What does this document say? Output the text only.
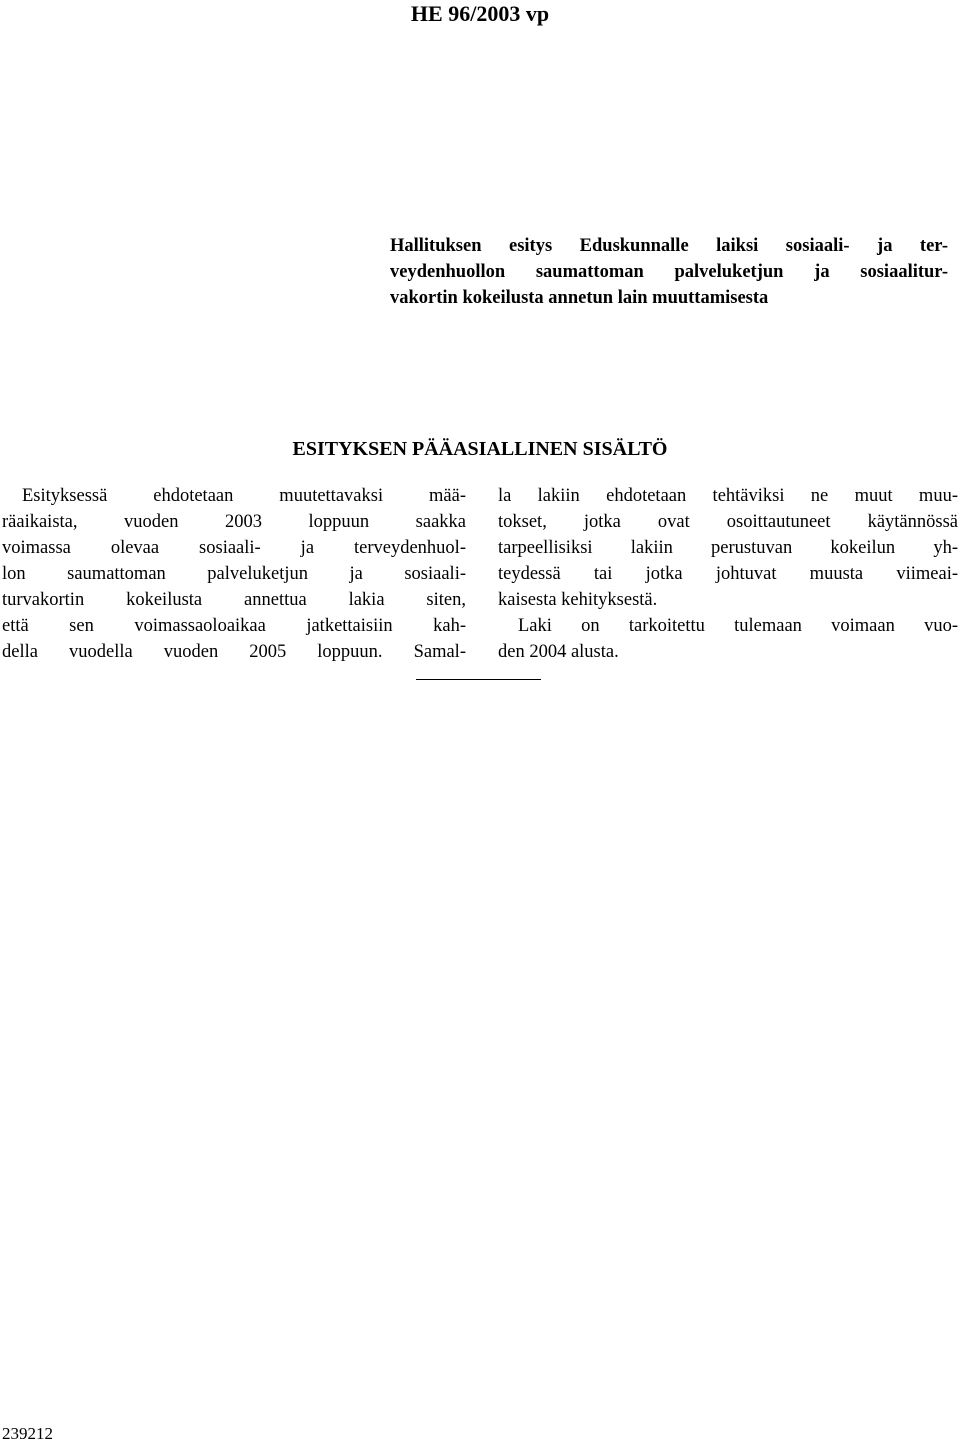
HE 96/2003 vp
Hallituksen esitys Eduskunnalle laiksi sosiaali- ja ter-
veydenhuollon saumattoman palveluketjun ja sosiaalitur-
vakortin kokeilusta annetun lain muuttamisesta
ESITYKSEN PÄÄASIALLINEN SISÄLTÖ
Esityksessä ehdotetaan muutettavaksi mää-
räaikaista, vuoden 2003 loppuun saakka
voimassa olevaa sosiaali- ja terveydenhuol-
lon saumattoman palveluketjun ja sosiaali-
turvakortin kokeilusta annettua lakia siten,
että sen voimassaoloaikaa jatkettaisiin kah-
della vuodella vuoden 2005 loppuun. Samal-
la lakiin ehdotetaan tehtäviksi ne muut muu-
tokset, jotka ovat osoittautuneet käytännössä
tarpeellisiksi lakiin perustuvan kokeilun yh-
teydessä tai jotka johtuvat muusta viimeai-
kaisesta kehityksestä.
Laki on tarkoitettu tulemaan voimaan vuo-
den 2004 alusta.
239212
